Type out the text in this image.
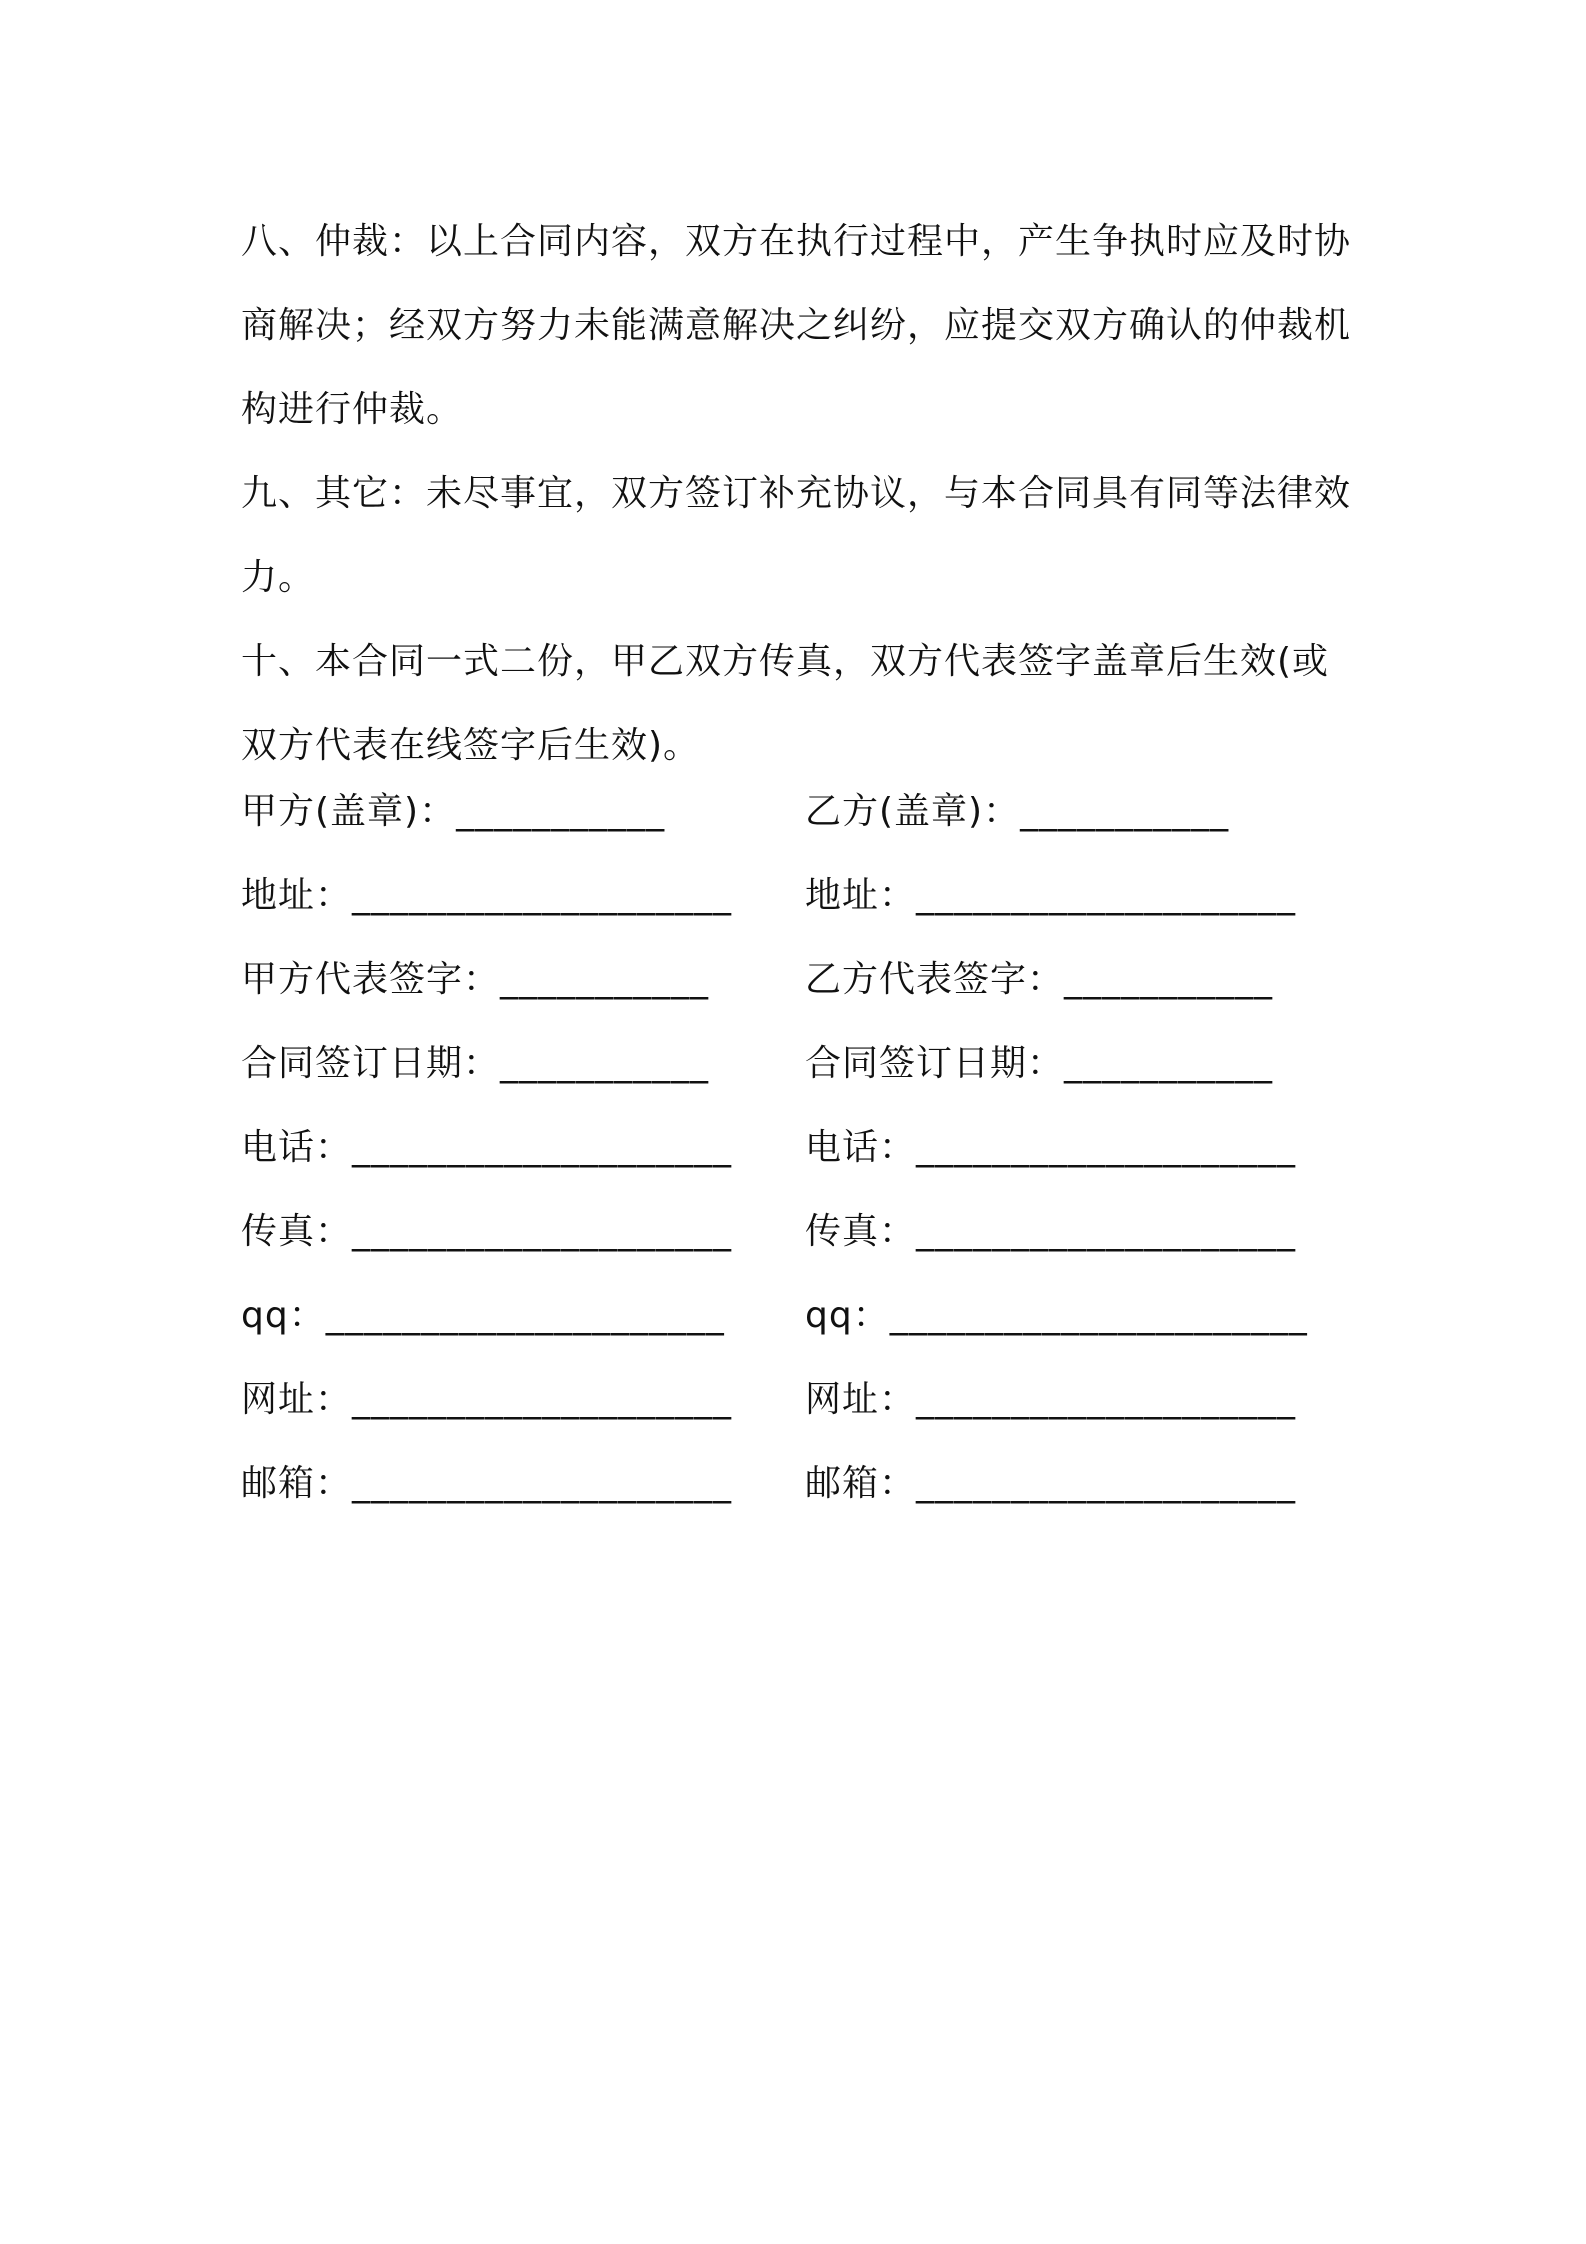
八、仲裁：以上合同内容，双方在执行过程中，产生争执时应及时协

商解决；经双方努力未能满意解决之纠纷，应提交双方确认的仲裁机

构进行仲裁。

九、其它：未尽事宜，双方签订补充协议，与本合同具有同等法律效

力。

十、本合同一式二份，甲乙双方传真，双方代表签字盖章后生效(或

双方代表在线签字后生效)。

甲方(盖章)：___________	乙方(盖章)：___________
地址：____________________ 地址：____________________
甲方代表签字：___________	乙方代表签字：___________
合同签订日期：___________	合同签订日期：___________
电话：____________________ 电话：____________________
传真：____________________ 传真：____________________
qq：_____________________ qq：______________________
网址：____________________ 网址：____________________
邮箱：____________________ 邮箱：____________________
